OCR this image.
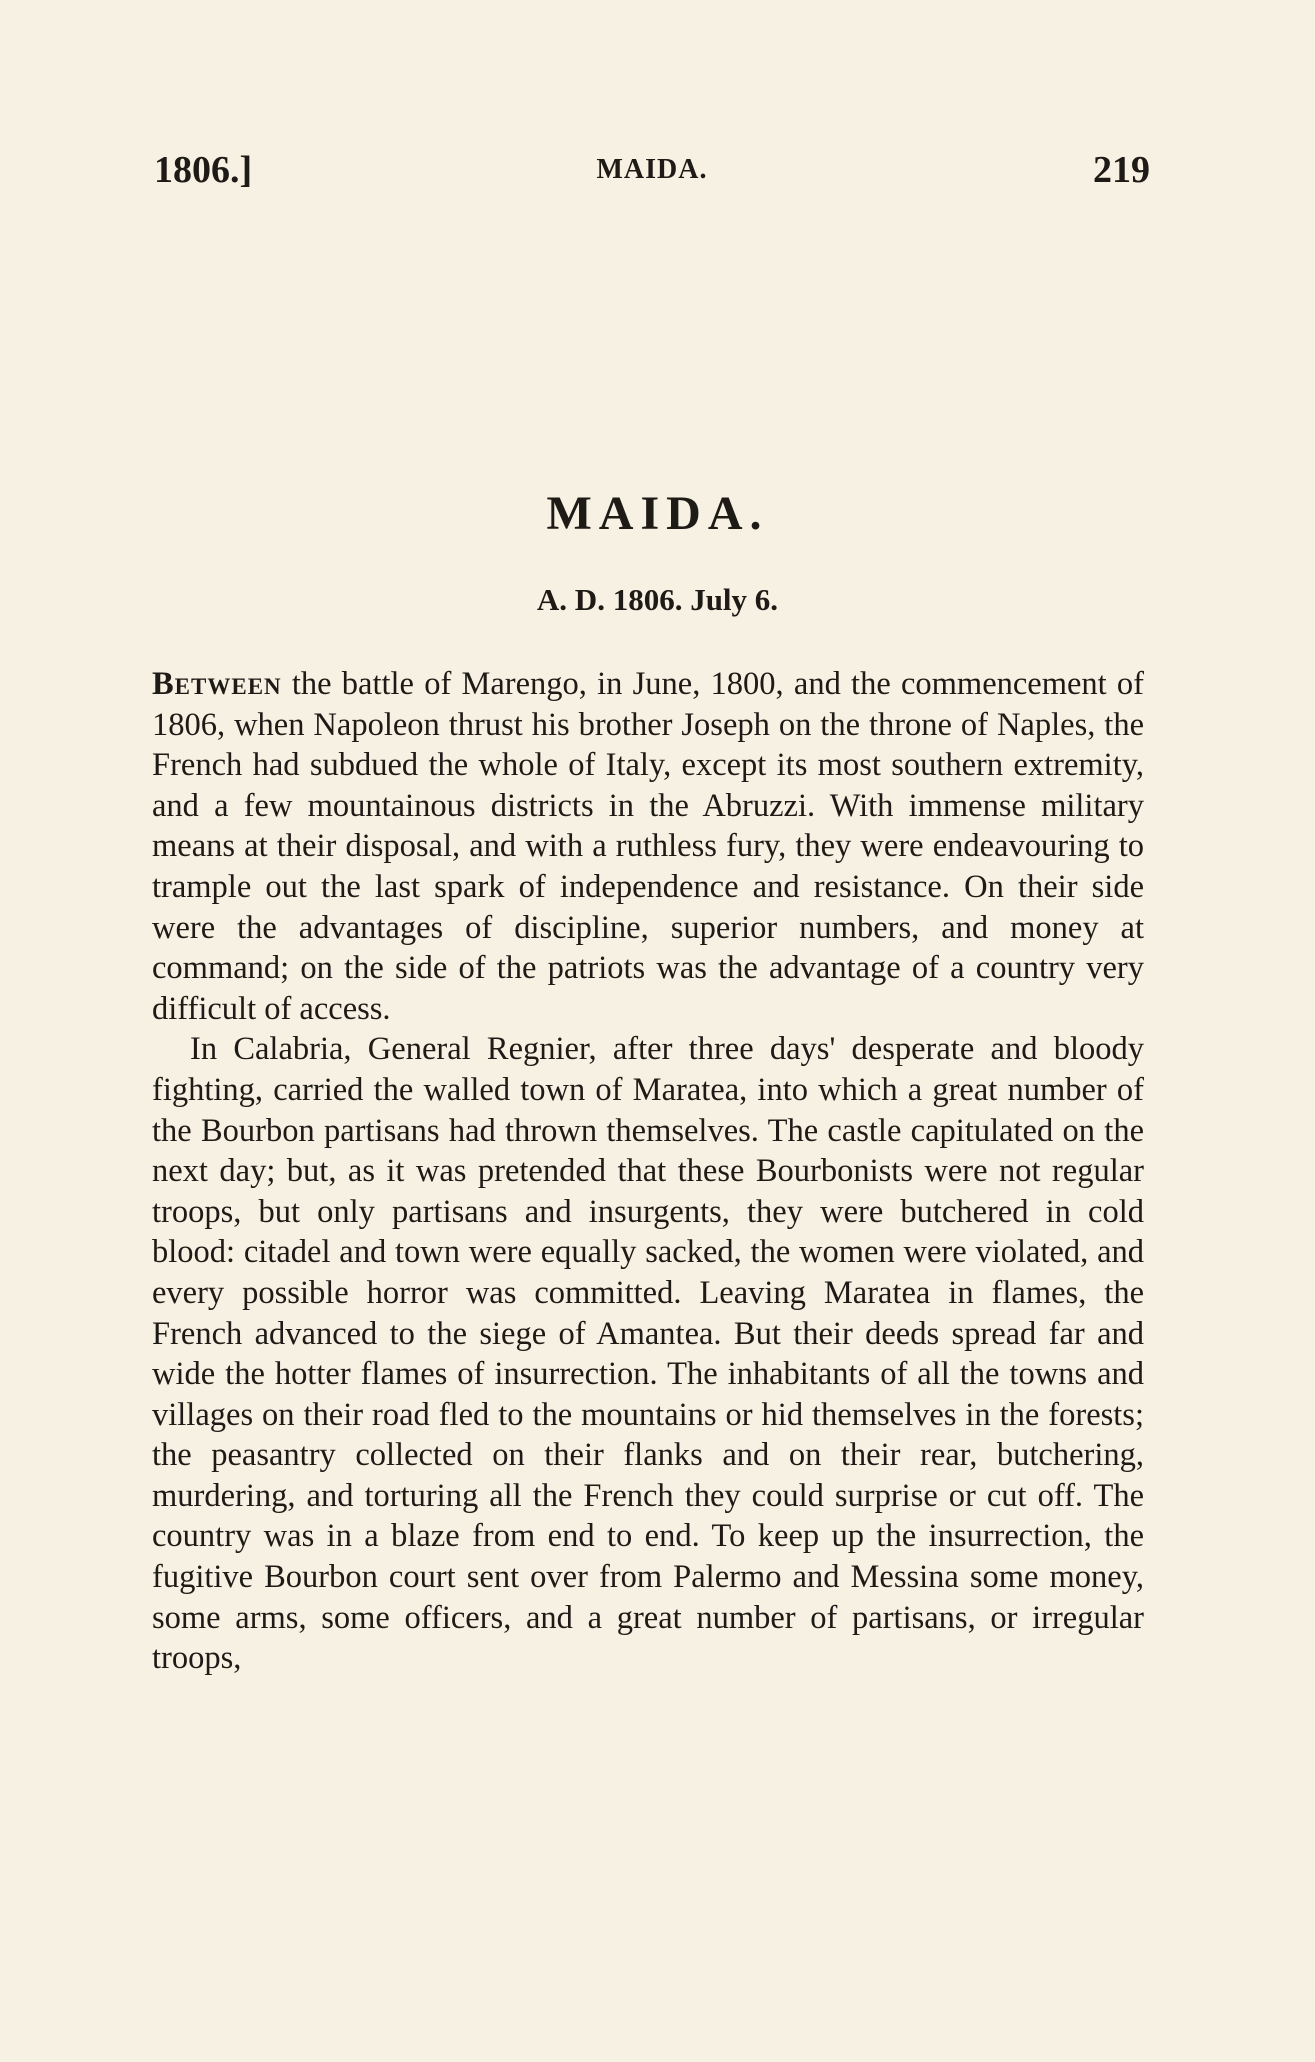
1806.]	MAIDA.	219
MAIDA.
A. D. 1806. July 6.

Between the battle of Marengo, in June, 1800, and the commencement of 1806, when Napoleon thrust his brother Joseph on the throne of Naples, the French had subdued the whole of Italy, except its most southern extremity, and a few mountainous districts in the Abruzzi. With immense military means at their disposal, and with a ruthless fury, they were endeavouring to trample out the last spark of independence and resistance. On their side were the advantages of discipline, superior numbers, and money at command; on the side of the patriots was the advantage of a country very difficult of access.

In Calabria, General Regnier, after three days' desperate and bloody fighting, carried the walled town of Maratea, into which a great number of the Bourbon partisans had thrown themselves. The castle capitulated on the next day; but, as it was pretended that these Bourbonists were not regular troops, but only partisans and insurgents, they were butchered in cold blood: citadel and town were equally sacked, the women were violated, and every possible horror was committed. Leaving Maratea in flames, the French advanced to the siege of Amantea. But their deeds spread far and wide the hotter flames of insurrection. The inhabitants of all the towns and villages on their road fled to the mountains or hid themselves in the forests; the peasantry collected on their flanks and on their rear, butchering, murdering, and torturing all the French they could surprise or cut off. The country was in a blaze from end to end. To keep up the insurrection, the fugitive Bourbon court sent over from Palermo and Messina some money, some arms, some officers, and a great number of partisans, or irregular troops,
